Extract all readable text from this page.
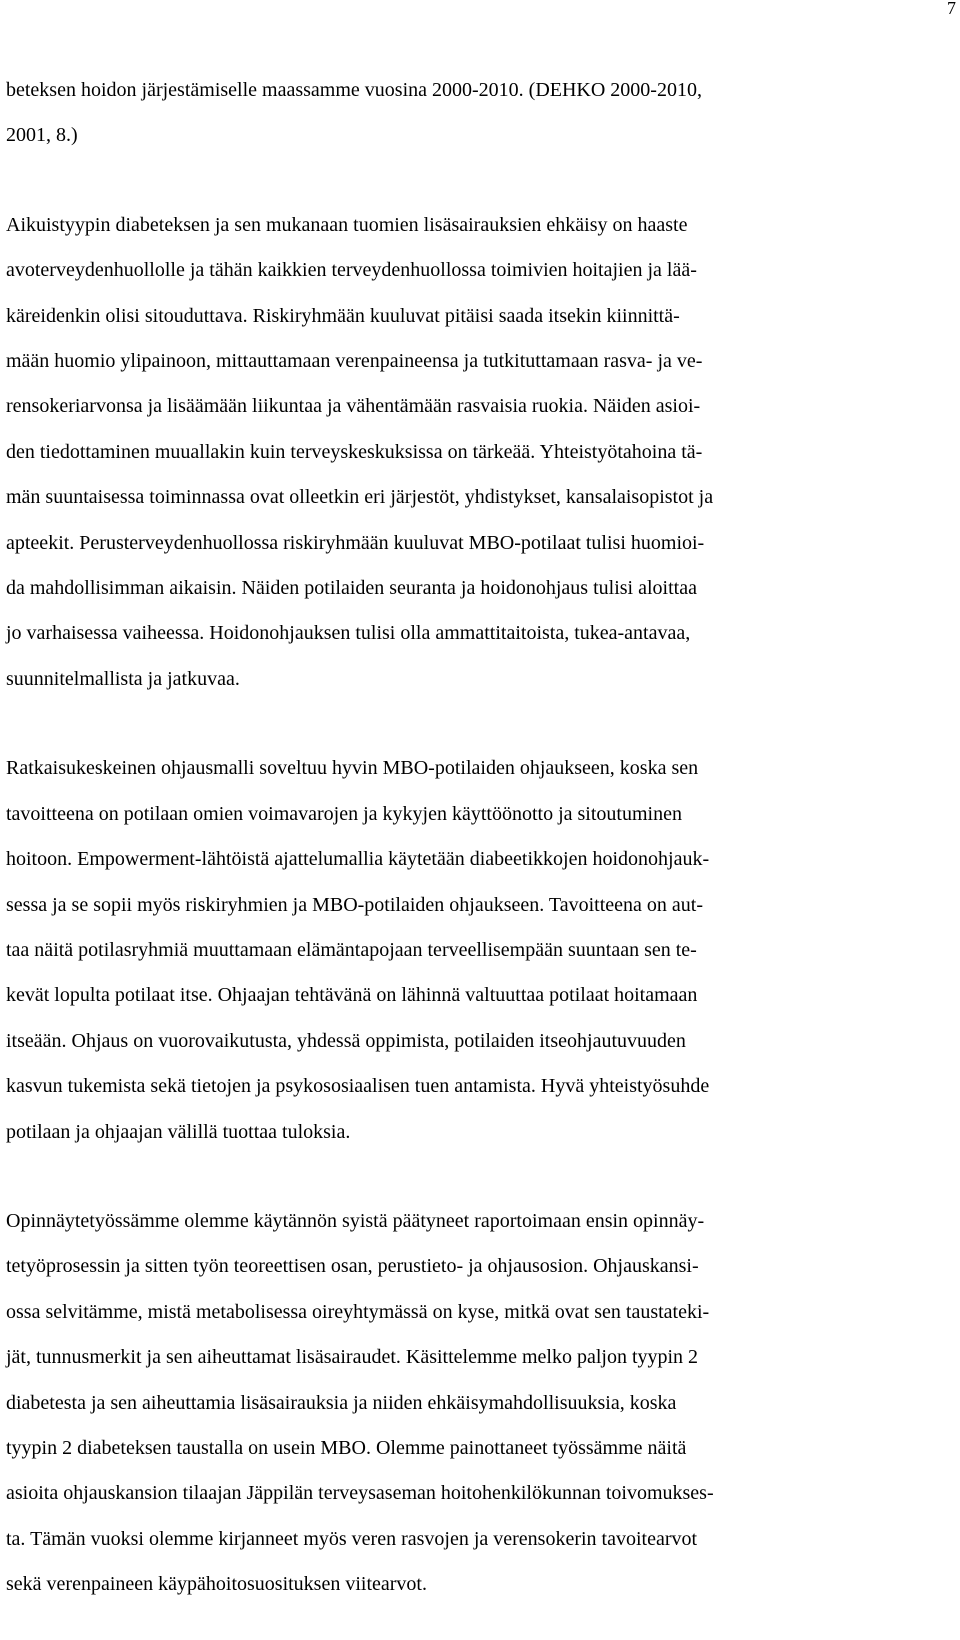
7

beteksen hoidon järjestämiselle maassamme vuosina 2000-2010. (DEHKO 2000-2010,
2001, 8.)

Aikuistyypin diabeteksen ja sen mukanaan tuomien lisäsairauksien ehkäisy on haaste
avoterveydenhuollolle ja tähän kaikkien terveydenhuollossa toimivien hoitajien ja lää-
käreidenkin olisi sitouduttava. Riskiryhmään kuuluvat pitäisi saada itsekin kiinnittä-
mään huomio ylipainoon, mittauttamaan verenpaineensa ja tutkituttamaan rasva- ja ve-
rensokeriarvonsa ja lisäämään liikuntaa ja vähentämään rasvaisia ruokia. Näiden asioi-
den tiedottaminen muuallakin kuin terveyskeskuksissa on tärkeää. Yhteistyötahoina tä-
män suuntaisessa toiminnassa ovat olleetkin eri järjestöt, yhdistykset, kansalaisopistot ja
apteekit. Perusterveydenhuollossa riskiryhmään kuuluvat MBO-potilaat tulisi huomioi-
da mahdollisimman aikaisin. Näiden potilaiden seuranta ja hoidonohjaus tulisi aloittaa
jo varhaisessa vaiheessa. Hoidonohjauksen tulisi olla ammattitaitoista, tukea-antavaa,
suunnitelmallista ja jatkuvaa.

Ratkaisukeskeinen ohjausmalli soveltuu hyvin MBO-potilaiden ohjaukseen, koska sen
tavoitteena on potilaan omien voimavarojen ja kykyjen käyttöönotto ja sitoutuminen
hoitoon. Empowerment-lähtöistä ajattelumallia käytetään diabeetikkojen hoidonohjauk-
sessa ja se sopii myös riskiryhmien ja MBO-potilaiden ohjaukseen. Tavoitteena on aut-
taa näitä potilasryhmiä muuttamaan elämäntapojaan terveellisempään suuntaan sen te-
kevät lopulta potilaat itse. Ohjaajan tehtävänä on lähinnä valtuuttaa potilaat hoitamaan
itseään. Ohjaus on vuorovaikutusta, yhdessä oppimista, potilaiden itseohjautuvuuden
kasvun tukemista sekä tietojen ja psykososiaalisen tuen antamista. Hyvä yhteistyösuhde
potilaan ja ohjaajan välillä tuottaa tuloksia.

Opinnäytetyössämme olemme käytännön syistä päätyneet raportoimaan ensin opinnäy-
tetyöprosessin ja sitten työn teoreettisen osan, perustieto- ja ohjausosion. Ohjauskansi-
ossa selvitämme, mistä metabolisessa oireyhtymässä on kyse, mitkä ovat sen taustateki-
jät, tunnusmerkit ja sen aiheuttamat lisäsairaudet. Käsittelemme melko paljon tyypin 2
diabetesta ja sen aiheuttamia lisäsairauksia ja niiden ehkäisymahdollisuuksia, koska
tyypin 2 diabeteksen taustalla on usein MBO. Olemme painottaneet työssämme näitä
asioita ohjauskansion tilaajan Jäppilän terveysaseman hoitohenkilökunnan toivomukses-
ta. Tämän vuoksi olemme kirjanneet myös veren rasvojen ja verensokerin tavoitearvot
sekä verenpaineen käypähoitosuosituksen viitearvot.
